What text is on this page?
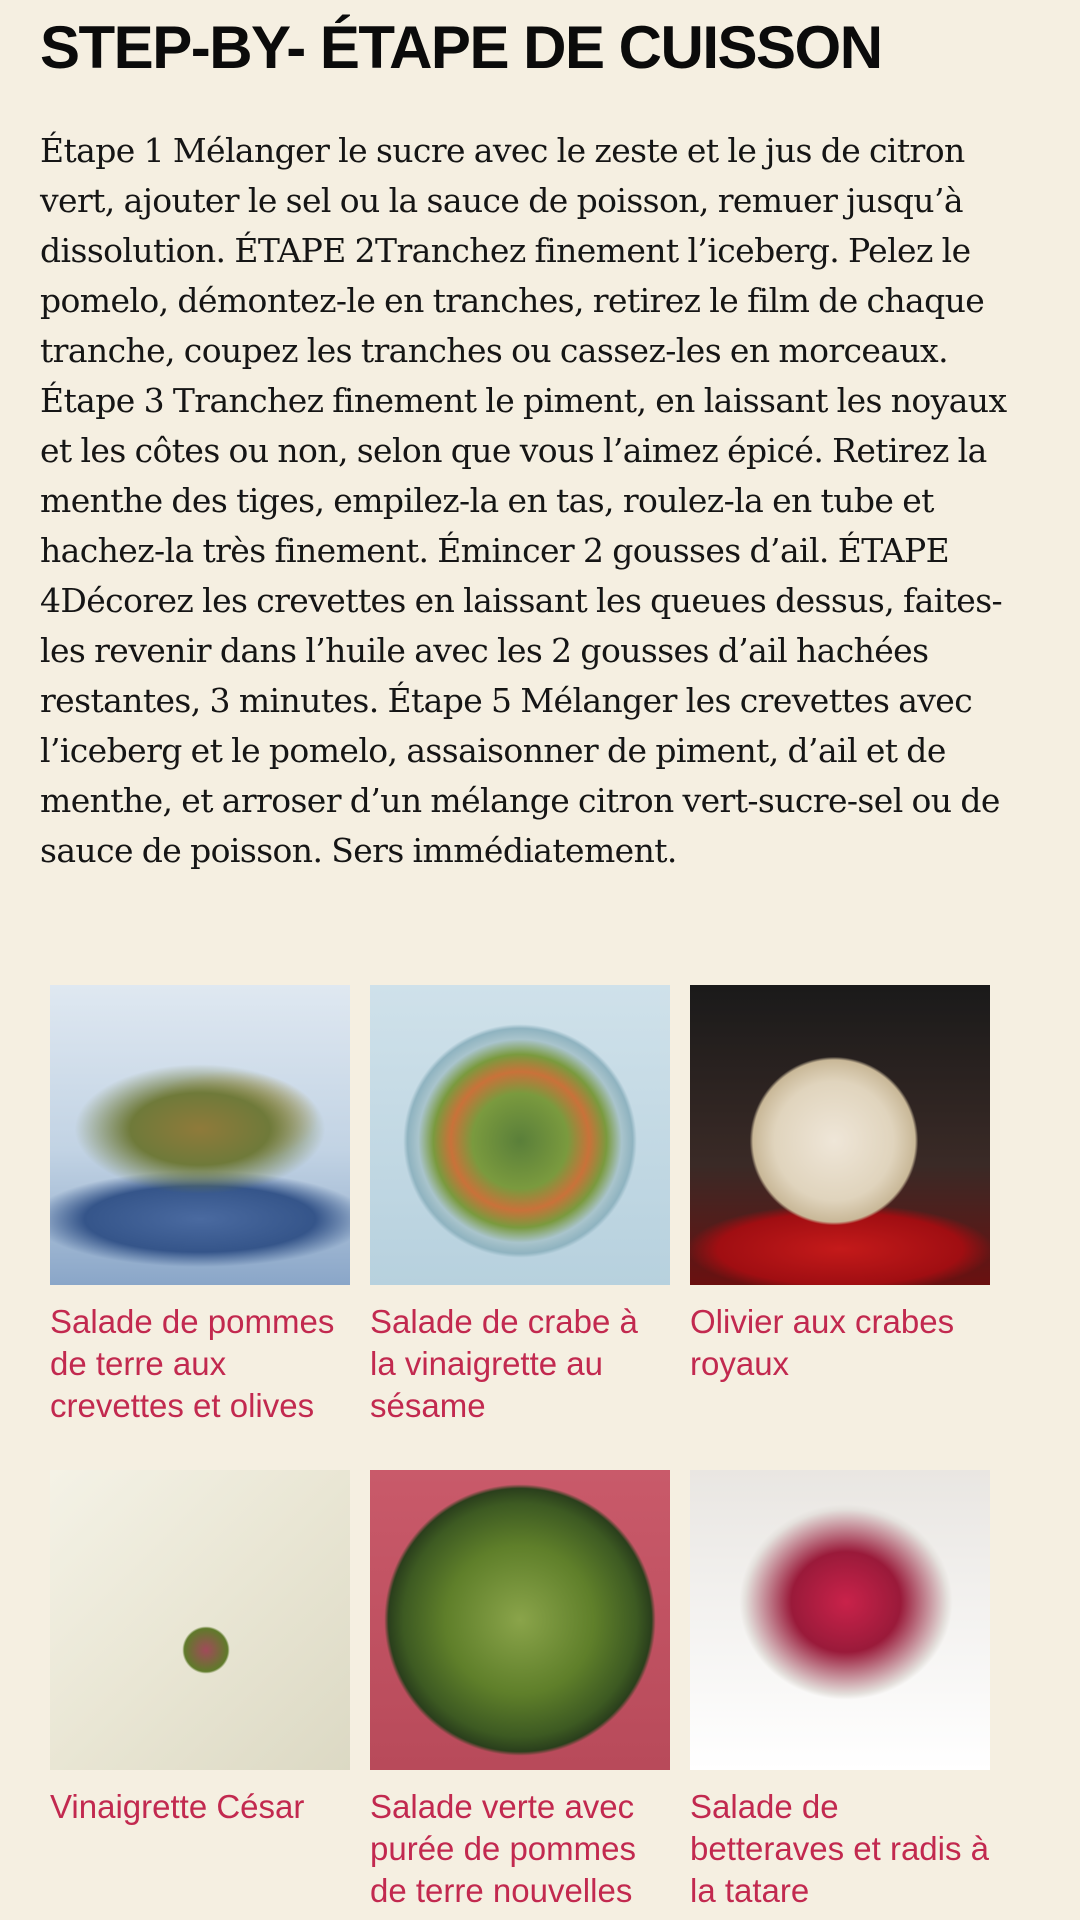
STEP-BY- ÉTAPE DE CUISSON

Étape 1 Mélanger le sucre avec le zeste et le jus de citron vert, ajouter le sel ou la sauce de poisson, remuer jusqu’à dissolution. ÉTAPE 2Tranchez finement l’iceberg. Pelez le pomelo, démontez-le en tranches, retirez le film de chaque tranche, coupez les tranches ou cassez-les en morceaux. Étape 3 Tranchez finement le piment, en laissant les noyaux et les côtes ou non, selon que vous l’aimez épicé. Retirez la menthe des tiges, empilez-la en tas, roulez-la en tube et hachez-la très finement. Émincer 2 gousses d’ail. ÉTAPE 4Décorez les crevettes en laissant les queues dessus, faites-les revenir dans l’huile avec les 2 gousses d’ail hachées restantes, 3 minutes. Étape 5 Mélanger les crevettes avec l’iceberg et le pomelo, assaisonner de piment, d’ail et de menthe, et arroser d’un mélange citron vert-sucre-sel ou de sauce de poisson. Sers immédiatement.

Salade de pommes de terre aux crevettes et olives
Salade de crabe à la vinaigrette au sésame
Olivier aux crabes royaux
Vinaigrette César	Salade verte avec purée de pommes de terre nouvelles
Salade de betteraves et radis à la tatare
